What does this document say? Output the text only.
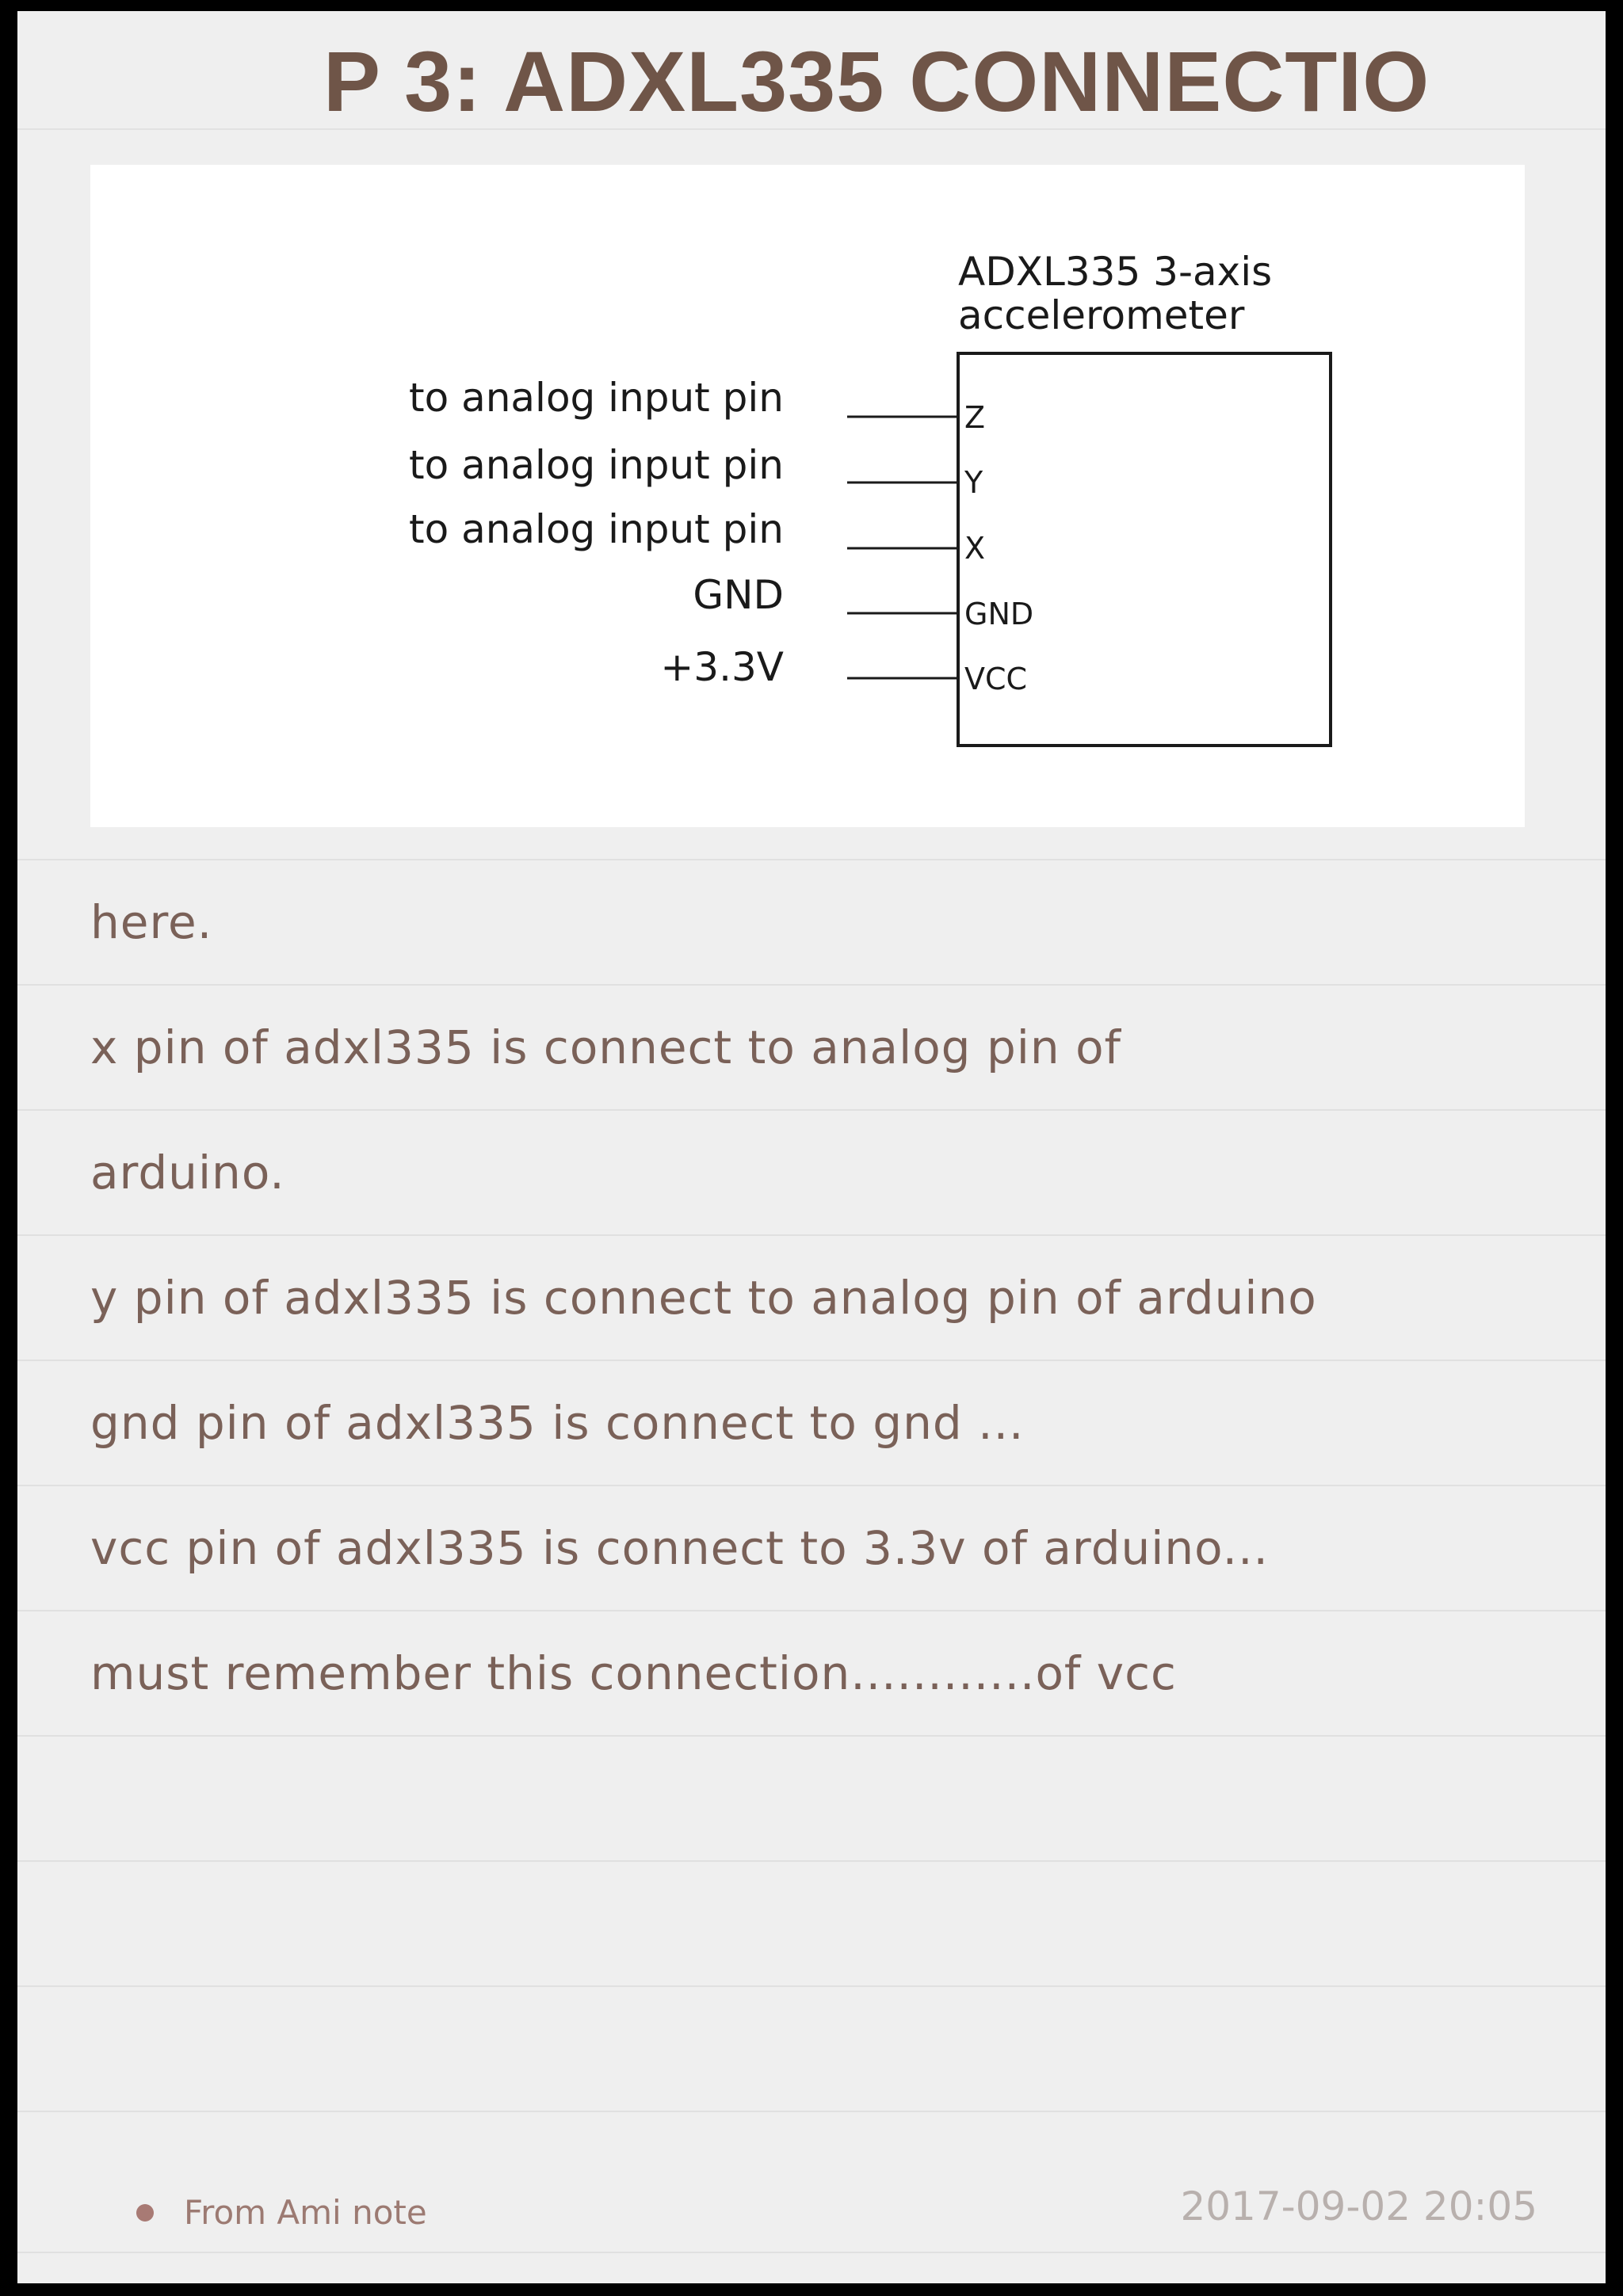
P 3: ADXL335 CONNECTIO
ADXL335 3-axis
accelerometer
to analog input pin
to analog input pin
to analog input pin
GND
+3.3V
Z
Y
X
GND
VCC
here.
x pin of adxl335 is connect to analog pin of
arduino.
y pin of adxl335 is connect to analog pin of arduino
gnd pin of adxl335 is connect to gnd ...
vcc pin of adxl335 is connect to 3.3v of arduino...
must remember this connection............of vcc
From Ami note	2017-09-02 20:05
